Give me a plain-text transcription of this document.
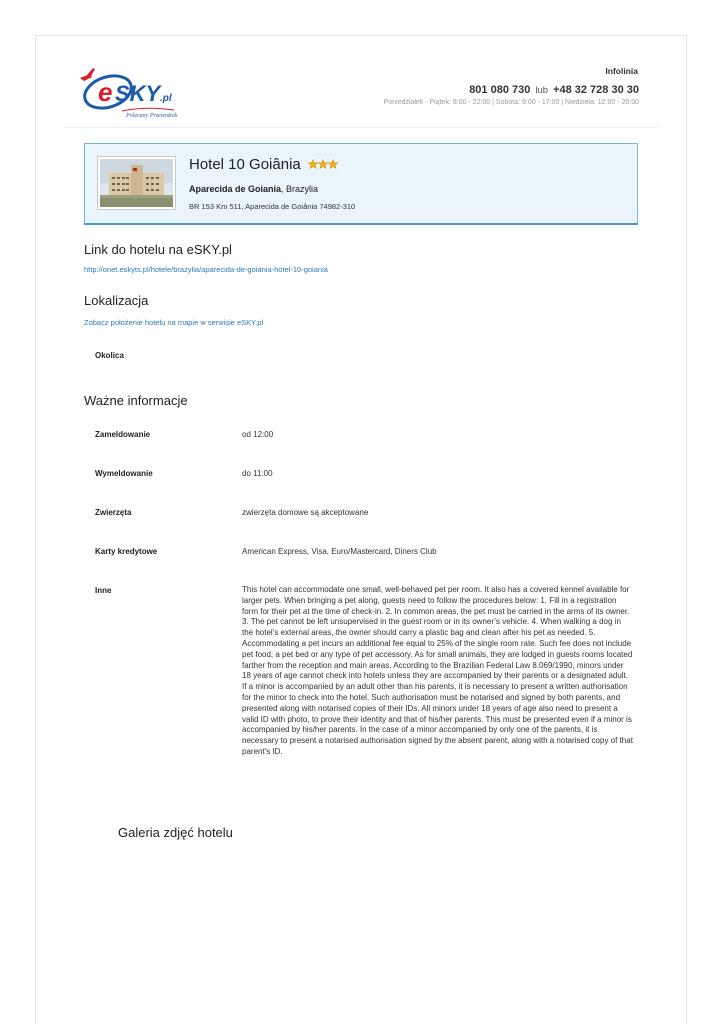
e SKY .pl
Polecany Przewoźnik
Infolinia
801 080 730 lub +48 32 728 30 30
Poniedziałek - Piątek: 8:00 - 22:00 | Sobota: 9:00 - 17:00 | Niedziela: 12:00 - 20:00
Hotel 10 Goiânia
Aparecida de Goiania, Brazylia
BR 153 Km 511, Aparecida de Goiânia 74982-310
Link do hotelu na eSKY.pl
http://onet.eskyts.pl/hotele/brazylia/aparecida-de-goiania-hotel-10-goiania
Lokalizacja
Zobacz położenie hotelu na mapie w serwisie eSKY.pl
Okolica
Ważne informacje
Zameldowanie	od 12:00
Wymeldowanie	do 11:00
Zwierzęta	zwierzęta domowe są akceptowane
Karty kredytowe	American Express, Visa, Euro/Mastercard, Diners Club
Inne	This hotel can accommodate one small, well-behaved pet per room. It also has a covered kennel available for larger pets. When bringing a pet along, guests need to follow the procedures below: 1. Fill in a registration form for their pet at the time of check-in. 2. In common areas, the pet must be carried in the arms of its owner. 3. The pet cannot be left unsupervised in the guest room or in its owner’s vehicle. 4. When walking a dog in the hotel’s external areas, the owner should carry a plastic bag and clean after his pet as needed. 5. Accommodating a pet incurs an additional fee equal to 25% of the single room rate. Such fee does not include pet food, a pet bed or any type of pet accessory. As for small animals, they are lodged in guests rooms located farther from the reception and main areas. According to the Brazilian Federal Law 8.069/1990, minors under 18 years of age cannot check into hotels unless they are accompanied by their parents or a designated adult. If a minor is accompanied by an adult other than his parents, it is necessary to present a written authorisation for the minor to check into the hotel. Such authorisation must be notarised and signed by both parents, and presented along with notarised copies of their IDs. All minors under 18 years of age also need to present a valid ID with photo, to prove their identity and that of his/her parents. This must be presented even if a minor is accompanied by his/her parents. In the case of a minor accompanied by only one of the parents, it is necessary to present a notarised authorisation signed by the absent parent, along with a notarised copy of that parent's ID.
Galeria zdjęć hotelu
